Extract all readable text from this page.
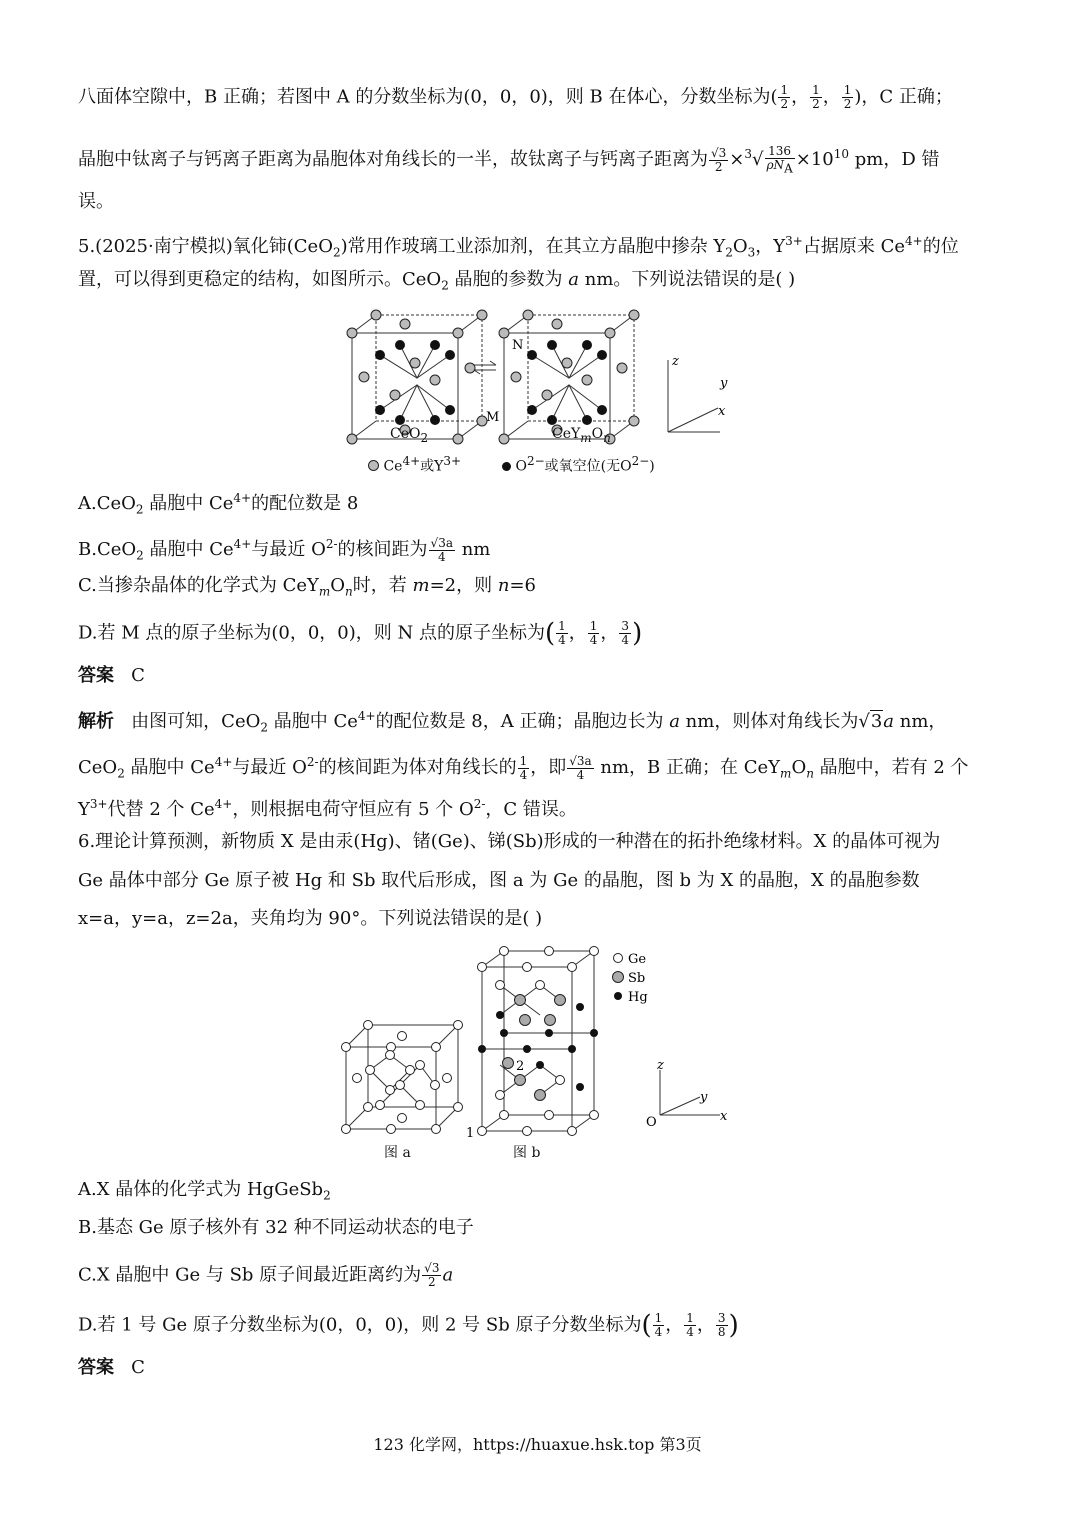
八面体空隙中，B 正确；若图中 A 的分数坐标为(0，0，0)，则 B 在体心，分数坐标为( $\frac{1}{2}$ ， $\frac{1}{2}$ ， $\frac{1}{2}$ )，C 正确；
晶胞中钛离子与钙离子距离为晶胞体对角线长的一半，故钛离子与钙离子距离为 $\frac{√3}{2} \times^3√ \frac{136}{\rho N_A} \times 10^{10}$ pm，D 错
误。
5.(2025·南宁模拟)氧化铈(CeO$_2$)常用作玻璃工业添加剂，在其立方晶胞中掺杂 $Y_2O_3$，$Y^{3+}$占据原来 $Ce^{4+}$的位
置，可以得到更稳定的结构，如图所示。CeO$_2$ 晶胞的参数为 a nm。下列说法错误的是( )
z
y
x
N
M
CeO$_2$	$CeY_mO_n$
$Ce^{4+}$或$Y^{3+}$	$O^{2-}$或氧空位(无$O^{2-}$)
A.CeO$_2$ 晶胞中 $Ce^{4+}$的配位数是 8
B.CeO$_2$ 晶胞中 $Ce^{4+}$与最近 $O^{2-}$的核间距为 $\frac{√3a}{4}$ nm
C.当掺杂晶体的化学式为 $CeY_mO_n$时，若 m=2，则 n=6
D.若 M 点的原子坐标为(0，0，0)，则 N 点的原子坐标为( $\frac{1}{4}$ ， $\frac{1}{4}$ ， $\frac{3}{4}$ )
答案 C
解析 由图可知，CeO$_2$ 晶胞中 $Ce^{4+}$的配位数是 8，A 正确；晶胞边长为 a nm，则体对角线长为√3a nm，
CeO$_2$ 晶胞中 $Ce^{4+}$与最近 $O^{2-}$的核间距为体对角线长的 $\frac{1}{4}$ ，即 $\frac{√3a}{4}$ nm，B 正确；在 $CeY_mO_n$ 晶胞中，若有 2 个
$Y^{3+}$代替 2 个 $Ce^{4+}$，则根据电荷守恒应有 5 个 $O^{2-}$，C 错误。
6.理论计算预测，新物质 X 是由汞(Hg)、锗(Ge)、锑(Sb)形成的一种潜在的拓扑绝缘材料。X 的晶体可视为
Ge 晶体中部分 Ge 原子被 Hg 和 Sb 取代后形成，图 a 为 Ge 的晶胞，图 b 为 X 的晶胞，X 的晶胞参数
x=a，y=a，z=2a，夹角均为 90°。下列说法错误的是( )
Ge
Sb
Hg
1
2	z
y
x
O
图 a	图 b
A.X 晶体的化学式为 HgGeSb$_2$
B.基态 Ge 原子核外有 32 种不同运动状态的电子
C.X 晶胞中 Ge 与 Sb 原子间最近距离约为 $\frac{√3}{2}$ a
D.若 1 号 Ge 原子分数坐标为(0，0，0)，则 2 号 Sb 原子分数坐标为( $\frac{1}{4}$ ， $\frac{1}{4}$ ， $\frac{3}{8}$ )
答案 C
123 化学网，https://huaxue.hsk.top 第3页
